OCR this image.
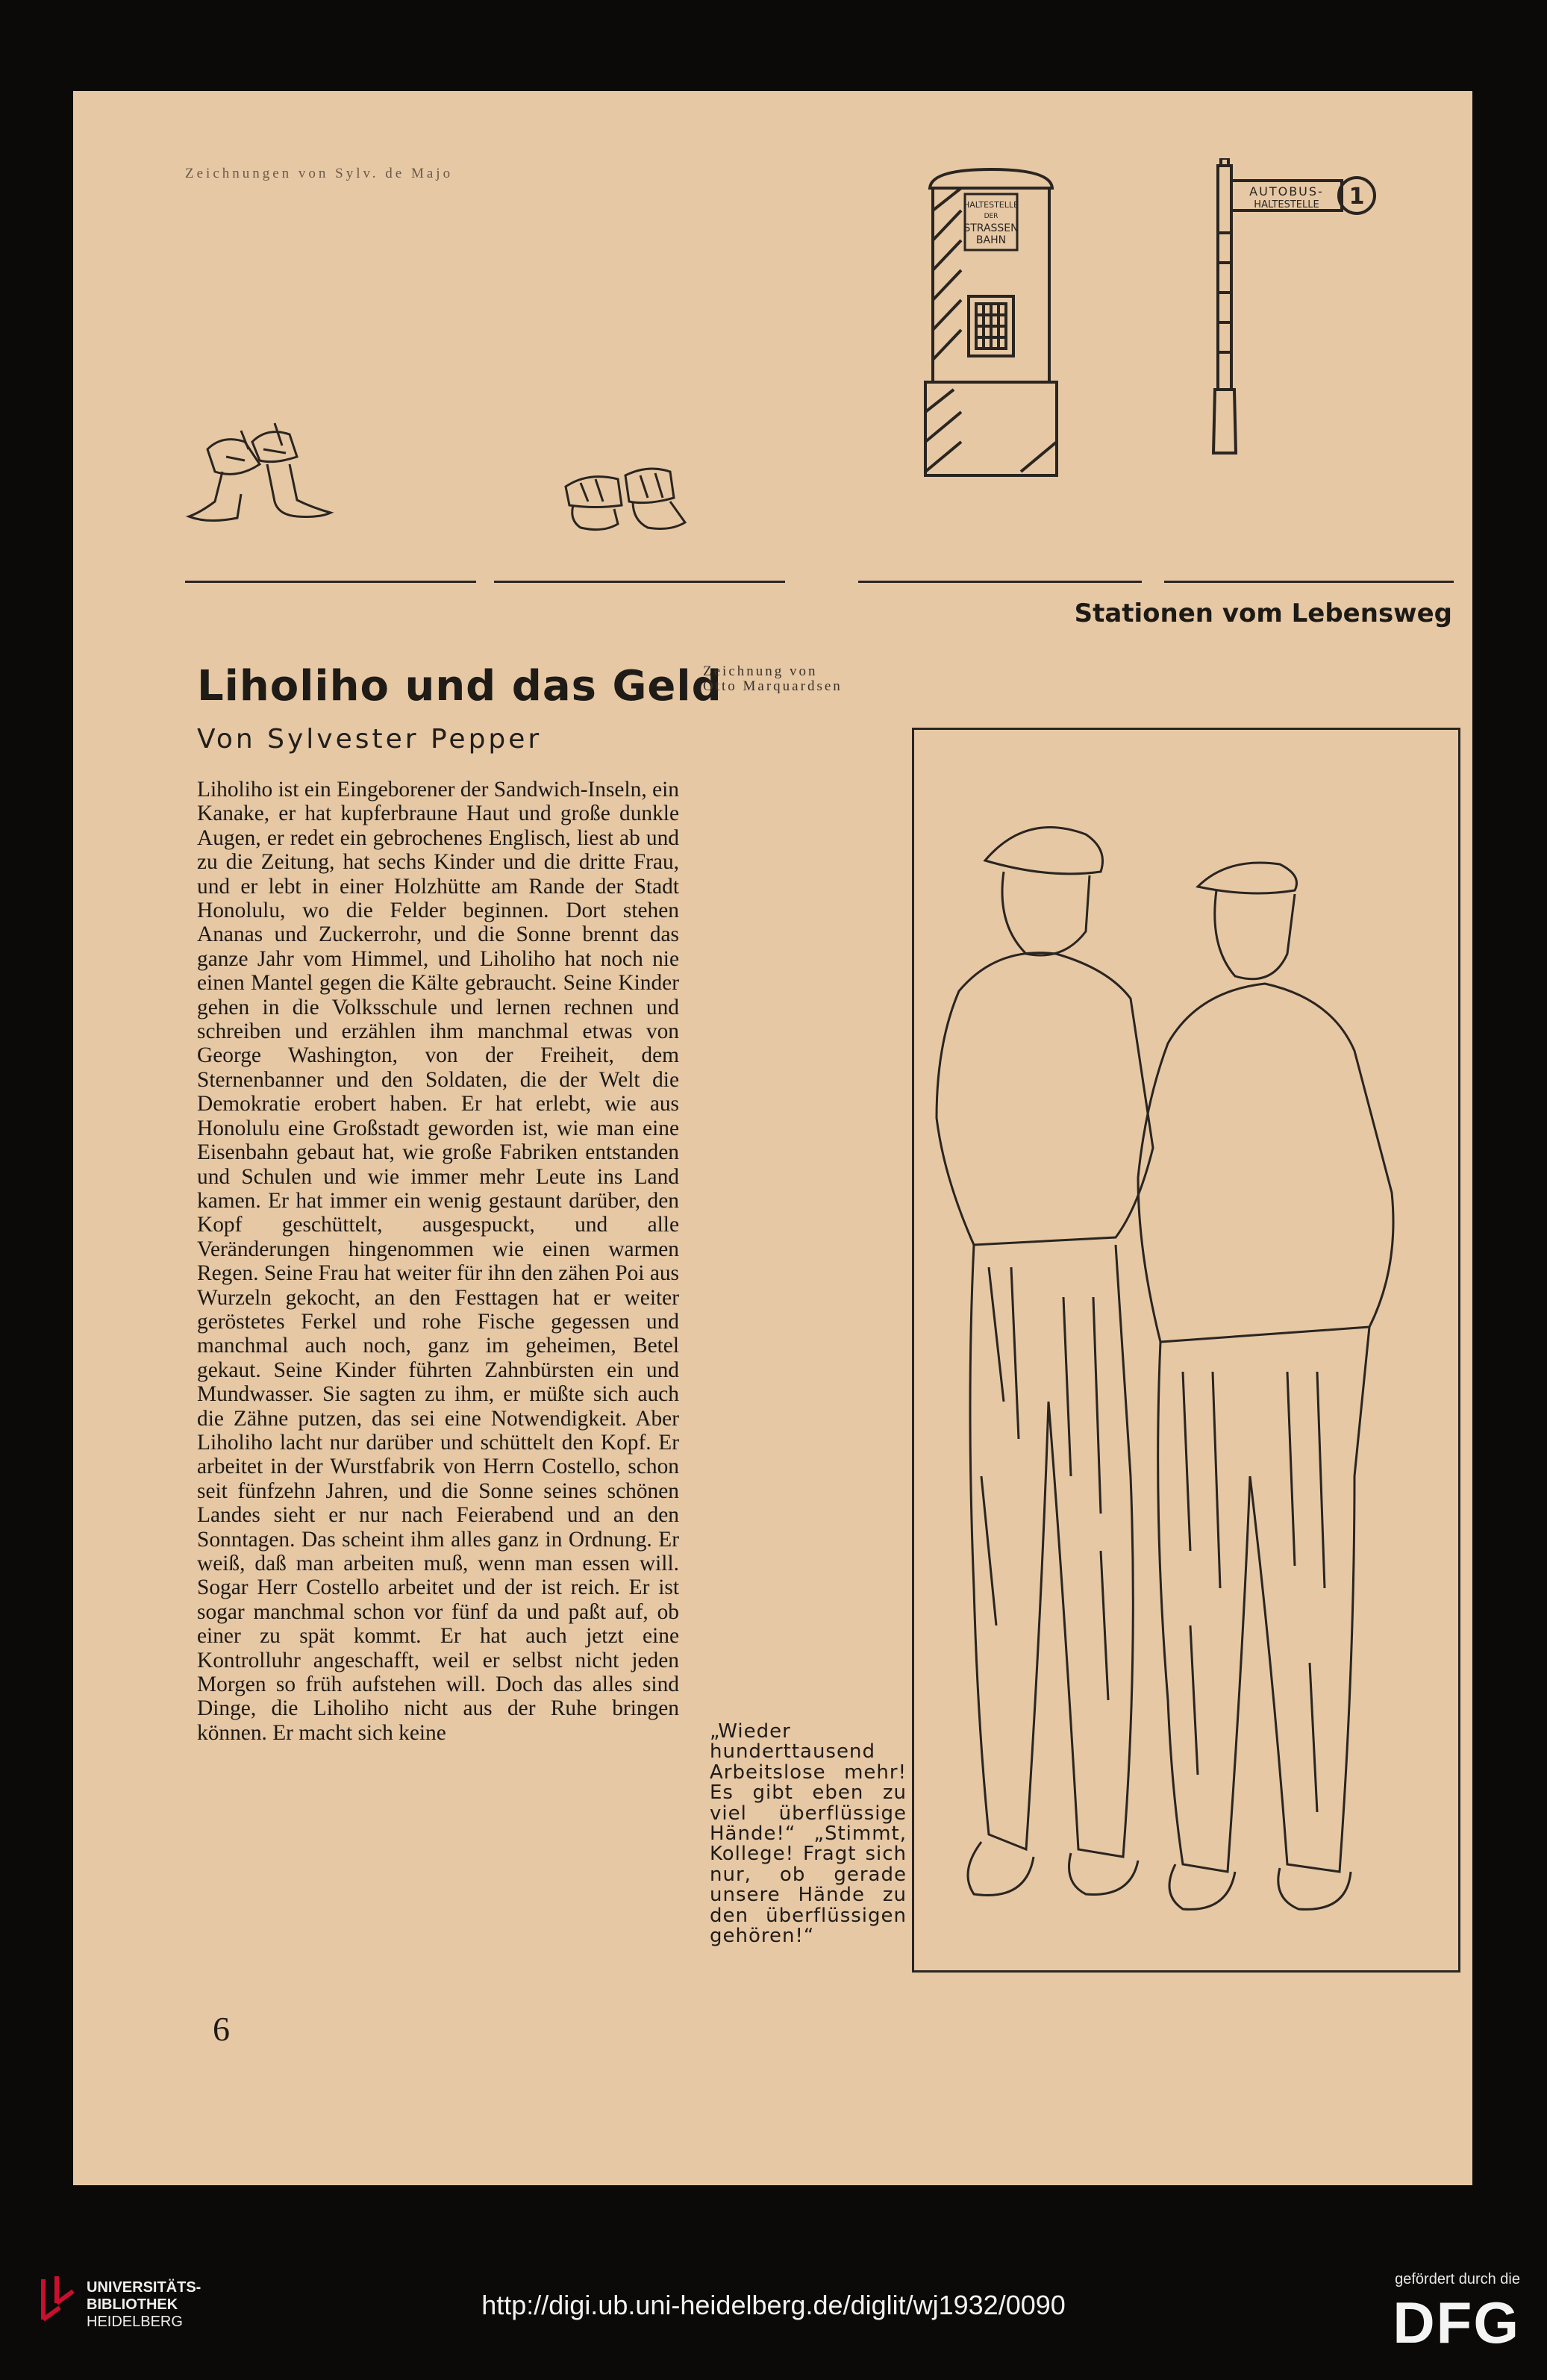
Zeichnungen von Sylv. de Majo
HALTESTELLE
DER
STRASSEN
BAHN
AUTOBUS-
HALTESTELLE 1
Stationen vom Lebensweg
Liholiho und das Geld
Von Sylvester Pepper
Zeichnung von
Otto Marquardsen
Liholiho ist ein Eingeborener der Sandwich-Inseln, ein Kanake, er hat kupferbraune Haut und große dunkle Augen, er redet ein gebrochenes Englisch, liest ab und zu die Zeitung, hat sechs Kinder und die dritte Frau, und er lebt in einer Holzhütte am Rande der Stadt Honolulu, wo die Felder beginnen. Dort stehen Ananas und Zuckerrohr, und die Sonne brennt das ganze Jahr vom Himmel, und Liholiho hat noch nie einen Mantel gegen die Kälte gebraucht. Seine Kinder gehen in die Volksschule und lernen rechnen und schreiben und erzählen ihm manchmal etwas von George Washington, von der Freiheit, dem Sternenbanner und den Soldaten, die der Welt die Demokratie erobert haben. Er hat erlebt, wie aus Honolulu eine Großstadt geworden ist, wie man eine Eisenbahn gebaut hat, wie große Fabriken entstanden und Schulen und wie immer mehr Leute ins Land kamen. Er hat immer ein wenig gestaunt darüber, den Kopf geschüttelt, ausgespuckt, und alle Veränderungen hingenommen wie einen warmen Regen. Seine Frau hat weiter für ihn den zähen Poi aus Wurzeln gekocht, an den Festtagen hat er weiter geröstetes Ferkel und rohe Fische gegessen und manchmal auch noch, ganz im geheimen, Betel gekaut. Seine Kinder führten Zahnbürsten ein und Mundwasser. Sie sagten zu ihm, er müßte sich auch die Zähne putzen, das sei eine Notwendigkeit. Aber Liholiho lacht nur darüber und schüttelt den Kopf. Er arbeitet in der Wurstfabrik von Herrn Costello, schon seit fünfzehn Jahren, und die Sonne seines schönen Landes sieht er nur nach Feierabend und an den Sonntagen. Das scheint ihm alles ganz in Ordnung. Er weiß, daß man arbeiten muß, wenn man essen will. Sogar Herr Costello arbeitet und der ist reich. Er ist sogar manchmal schon vor fünf da und paßt auf, ob einer zu spät kommt. Er hat auch jetzt eine Kontrolluhr angeschafft, weil er selbst nicht jeden Morgen so früh aufstehen will. Doch das alles sind Dinge, die Liholiho nicht aus der Ruhe bringen können. Er macht sich keine	„Wieder hunderttausend Arbeitslose mehr! Es gibt eben zu viel überflüssige Hände!“ „Stimmt, Kollege! Fragt sich nur, ob gerade unsere Hände zu den überflüssigen gehören!“
6
UNIVERSITÄTS-
BIBLIOTHEK
HEIDELBERG
http://digi.ub.uni-heidelberg.de/diglit/wj1932/0090
gefördert durch die
DFG
